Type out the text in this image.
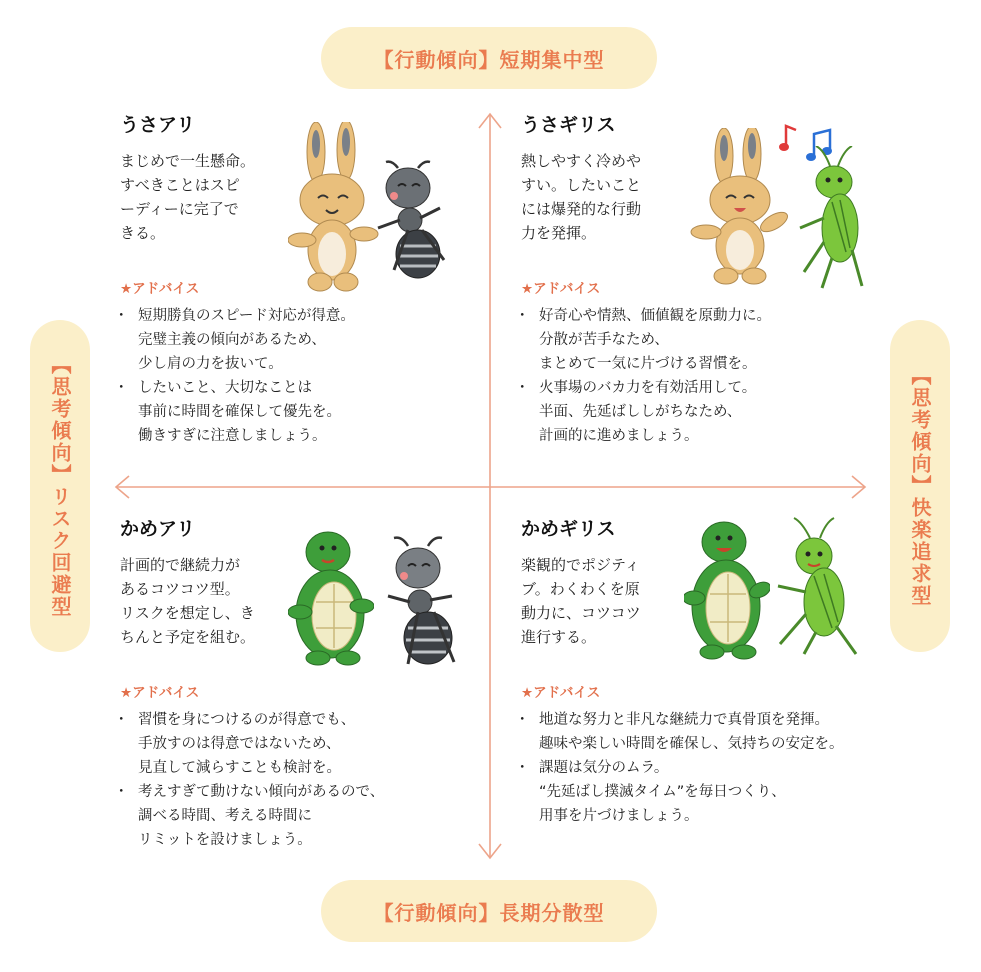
【行動傾向】短期集中型
【行動傾向】長期分散型
【思考傾向】リスク回避型	【思考傾向】快楽追求型
うさアリ
まじめで一生懸命。
すべきことはスピ
ーディーに完了で
きる。
★アドバイス
・ 短期勝負のスピード対応が得意。
完璧主義の傾向があるため、
少し肩の力を抜いて。
・ したいこと、大切なことは
事前に時間を確保して優先を。
働きすぎに注意しましょう。
うさギリス
熱しやすく冷めや
すい。したいこと
には爆発的な行動
力を発揮。
★アドバイス
・ 好奇心や情熱、価値観を原動力に。
分散が苦手なため、
まとめて一気に片づける習慣を。
・ 火事場のバカ力を有効活用して。
半面、先延ばししがちなため、
計画的に進めましょう。
かめアリ
計画的で継続力が
あるコツコツ型。
リスクを想定し、き
ちんと予定を組む。
★アドバイス
・ 習慣を身につけるのが得意でも、
手放すのは得意ではないため、
見直して減らすことも検討を。
・ 考えすぎて動けない傾向があるので、
調べる時間、考える時間に
リミットを設けましょう。
かめギリス
楽観的でポジティ
ブ。わくわくを原
動力に、コツコツ
進行する。
★アドバイス
・ 地道な努力と非凡な継続力で真骨頂を発揮。
趣味や楽しい時間を確保し、気持ちの安定を。
・ 課題は気分のムラ。
“先延ばし撲滅タイム”を毎日つくり、
用事を片づけましょう。
